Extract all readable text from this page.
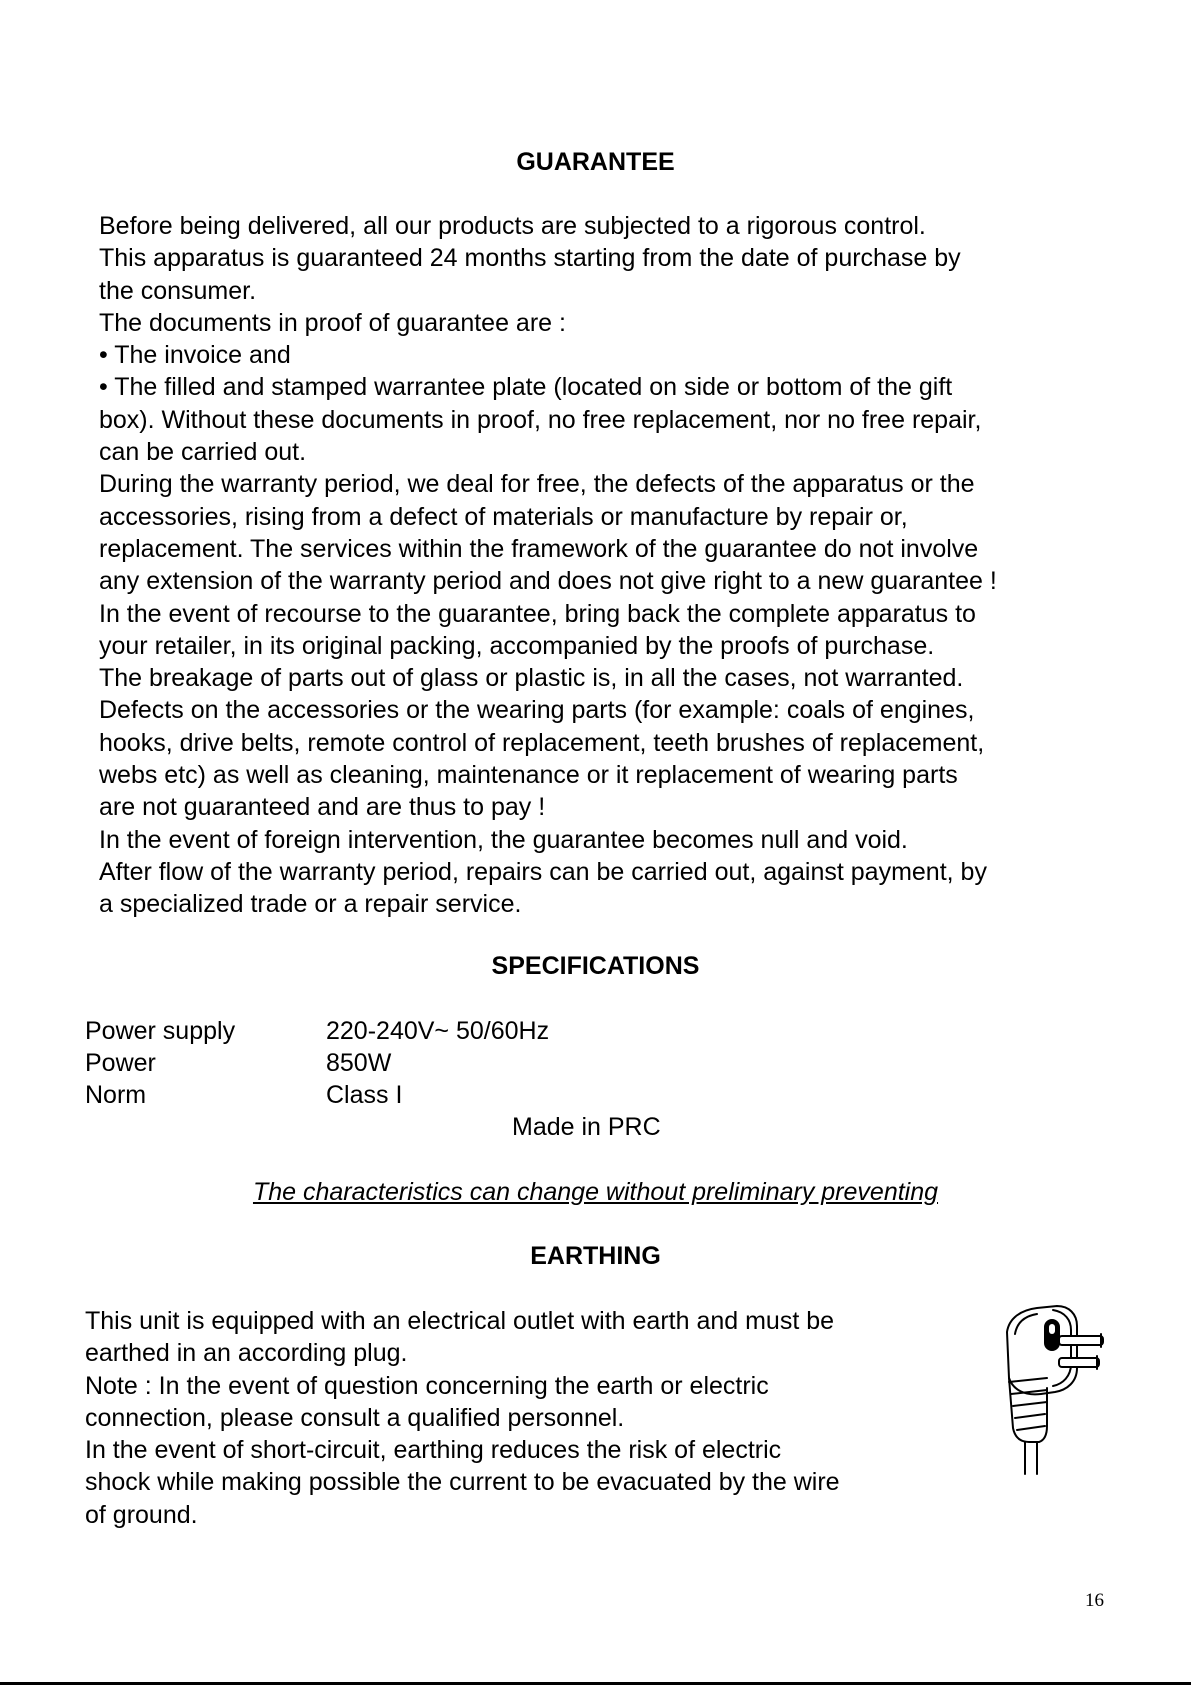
GUARANTEE
Before being delivered, all our products are subjected to a rigorous control.
This apparatus is guaranteed 24 months starting from the date of purchase by
the consumer.
The documents in proof of guarantee are :
• The invoice and
• The filled and stamped warrantee plate (located on side or bottom of the gift
box). Without these documents in proof, no free replacement, nor no free repair,
can be carried out.
During the warranty period, we deal for free, the defects of the apparatus or the
accessories, rising from a defect of materials or manufacture by repair or,
replacement. The services within the framework of the guarantee do not involve
any extension of the warranty period and does not give right to a new guarantee !
In the event of recourse to the guarantee, bring back the complete apparatus to
your retailer, in its original packing, accompanied by the proofs of purchase.
The breakage of parts out of glass or plastic is, in all the cases, not warranted.
Defects on the accessories or the wearing parts (for example: coals of engines,
hooks, drive belts, remote control of replacement, teeth brushes of replacement,
webs etc) as well as cleaning, maintenance or it replacement of wearing parts
are not guaranteed and are thus to pay !
In the event of foreign intervention, the guarantee becomes null and void.
After flow of the warranty period, repairs can be carried out, against payment, by
a specialized trade or a repair service.
SPECIFICATIONS
Power supply	220-240V~ 50/60Hz
Power	850W
Norm	Class I
Made in PRC
The characteristics can change without preliminary preventing
EARTHING
This unit is equipped with an electrical outlet with earth and must be
earthed in an according plug.
Note : In the event of question concerning the earth or electric
connection, please consult a qualified personnel.
In the event of short-circuit, earthing reduces the risk of electric
shock while making possible the current to be evacuated by the wire
of ground.
16
